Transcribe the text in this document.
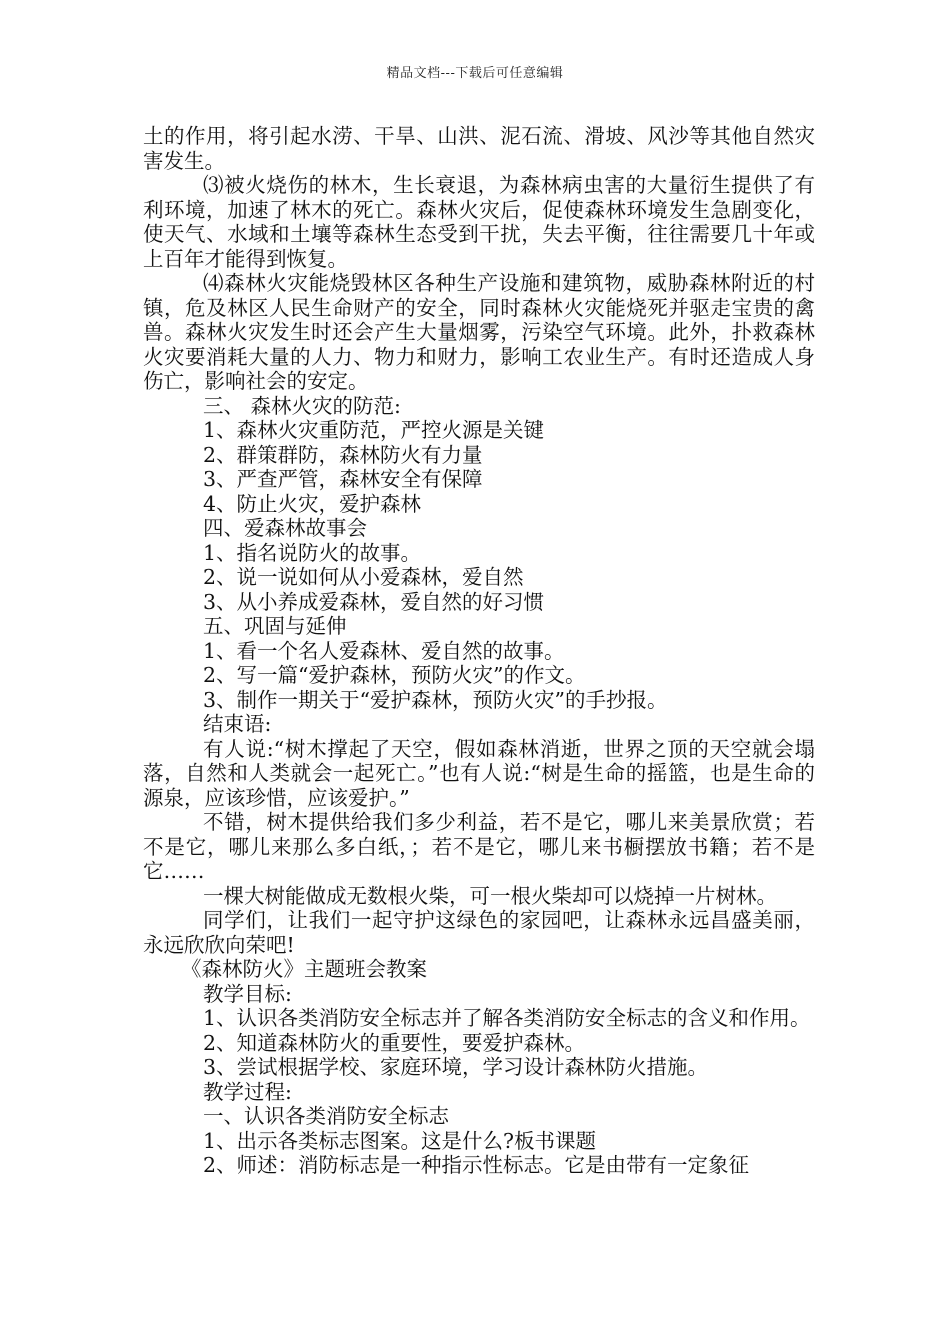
精品文档---下载后可任意编辑

土的作用，将引起水涝、干旱、山洪、泥石流、滑坡、风沙等其他自然灾害发生。

⑶被火烧伤的林木，生长衰退，为森林病虫害的大量衍生提供了有利环境，加速了林木的死亡。森林火灾后，促使森林环境发生急剧变化，使天气、水域和土壤等森林生态受到干扰，失去平衡，往往需要几十年或上百年才能得到恢复。

⑷森林火灾能烧毁林区各种生产设施和建筑物，威胁森林附近的村镇，危及林区人民生命财产的安全，同时森林火灾能烧死并驱走宝贵的禽兽。森林火灾发生时还会产生大量烟雾，污染空气环境。此外，扑救森林火灾要消耗大量的人力、物力和财力，影响工农业生产。有时还造成人身伤亡，影响社会的安定。

三、 森林火灾的防范:

1、森林火灾重防范，严控火源是关键

2、群策群防，森林防火有力量

3、严查严管，森林安全有保障

4、防止火灾，爱护森林

四、爱森林故事会

1、指名说防火的故事。

2、说一说如何从小爱森林，爱自然

3、从小养成爱森林，爱自然的好习惯

五、巩固与延伸

1、看一个名人爱森林、爱自然的故事。

2、写一篇“爱护森林，预防火灾”的作文。

3、制作一期关于“爱护森林，预防火灾”的手抄报。

结束语:

有人说:“树木撑起了天空，假如森林消逝，世界之顶的天空就会塌落，自然和人类就会一起死亡。”也有人说:“树是生命的摇篮，也是生命的源泉，应该珍惜，应该爱护。”

不错，树木提供给我们多少利益，若不是它，哪儿来美景欣赏；若不是它，哪儿来那么多白纸，；若不是它，哪儿来书橱摆放书籍；若不是它……

一棵大树能做成无数根火柴，可一根火柴却可以烧掉一片树林。

同学们，让我们一起守护这绿色的家园吧，让森林永远昌盛美丽，永远欣欣向荣吧!

《森林防火》主题班会教案

教学目标:

1、认识各类消防安全标志并了解各类消防安全标志的含义和作用。

2、知道森林防火的重要性，要爱护森林。

3、尝试根据学校、家庭环境，学习设计森林防火措施。

教学过程:

一、认识各类消防安全标志

1、出示各类标志图案。这是什么?板书课题

2、师述：消防标志是一种指示性标志。它是由带有一定象征
